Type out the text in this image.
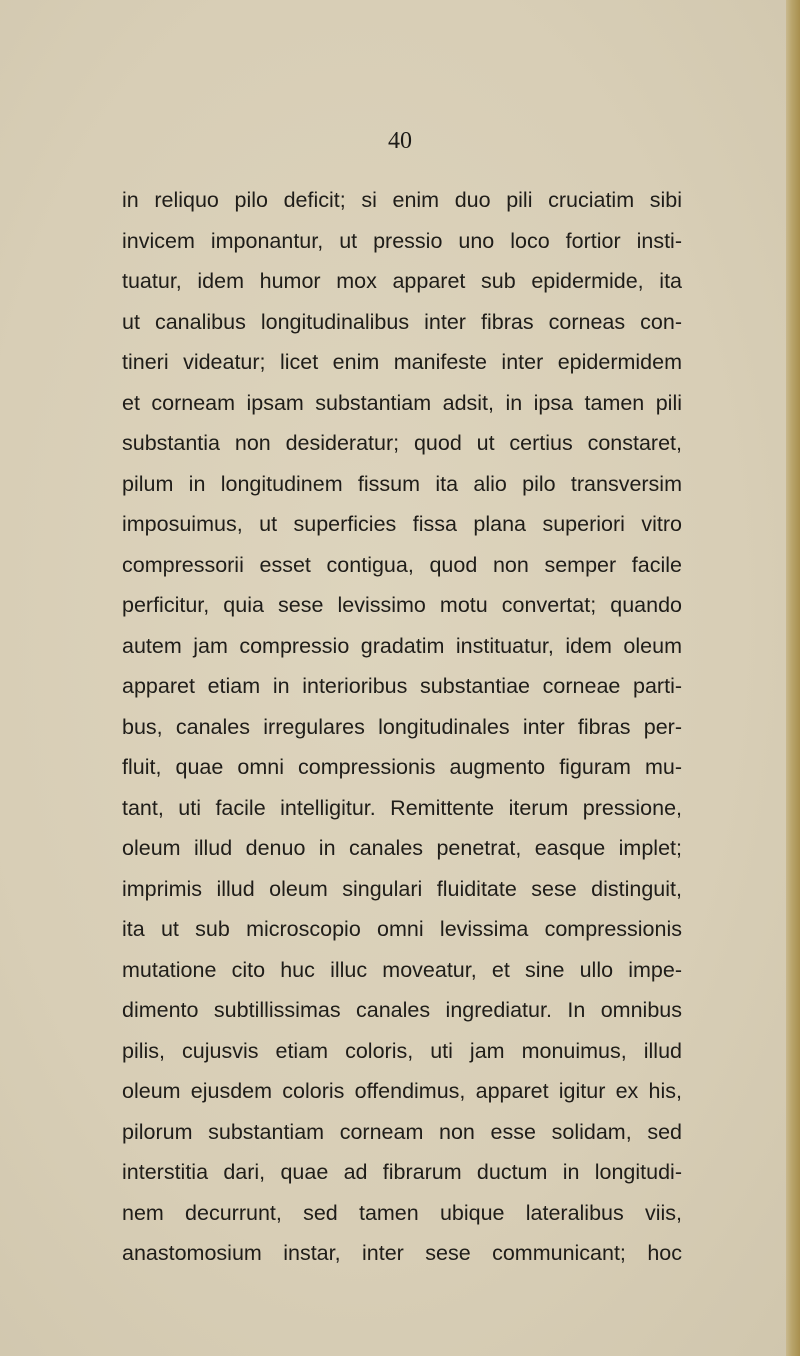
40
in reliquo pilo deficit; si enim duo pili cruciatim sibi
invicem imponantur, ut pressio uno loco fortior insti-
tuatur, idem humor mox apparet sub epidermide, ita
ut canalibus longitudinalibus inter fibras corneas con-
tineri videatur; licet enim manifeste inter epidermidem
et corneam ipsam substantiam adsit, in ipsa tamen pili
substantia non desideratur; quod ut certius constaret,
pilum in longitudinem fissum ita alio pilo transversim
imposuimus, ut superficies fissa plana superiori vitro
compressorii esset contigua, quod non semper facile
perficitur, quia sese levissimo motu convertat; quando
autem jam compressio gradatim instituatur, idem oleum
apparet etiam in interioribus substantiae corneae parti-
bus, canales irregulares longitudinales inter fibras per-
fluit, quae omni compressionis augmento figuram mu-
tant, uti facile intelligitur. Remittente iterum pressione,
oleum illud denuo in canales penetrat, easque implet;
imprimis illud oleum singulari fluiditate sese distinguit,
ita ut sub microscopio omni levissima compressionis
mutatione cito huc illuc moveatur, et sine ullo impe-
dimento subtillissimas canales ingrediatur. In omnibus
pilis, cujusvis etiam coloris, uti jam monuimus, illud
oleum ejusdem coloris offendimus, apparet igitur ex his,
pilorum substantiam corneam non esse solidam, sed
interstitia dari, quae ad fibrarum ductum in longitudi-
nem decurrunt, sed tamen ubique lateralibus viis,
anastomosium instar, inter sese communicant; hoc
